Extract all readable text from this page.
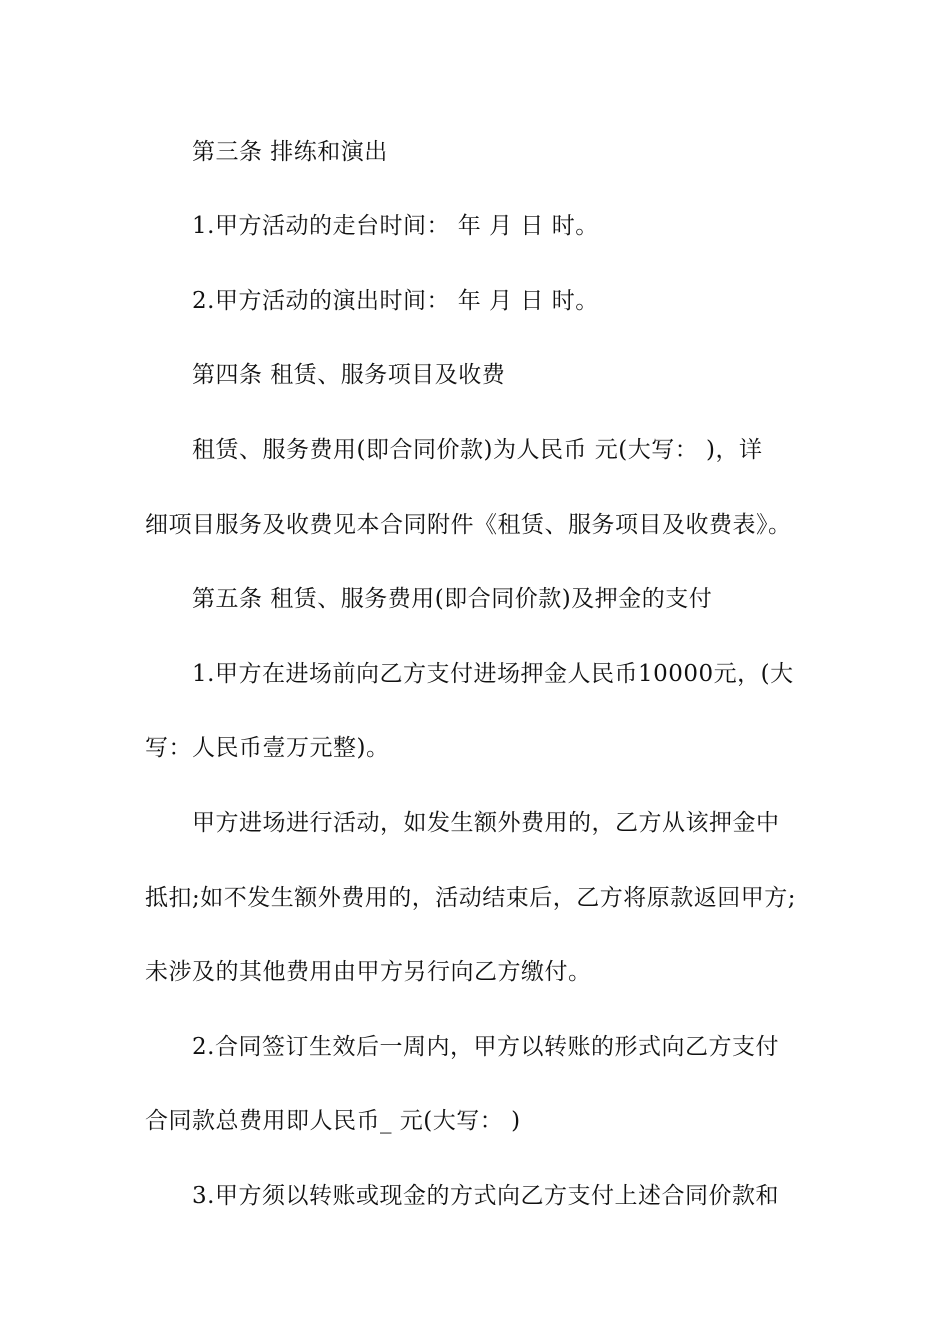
第三条 排练和演出
1.甲方活动的走台时间： 年 月 日 时。
2.甲方活动的演出时间： 年 月 日 时。
第四条 租赁、服务项目及收费
租赁、服务费用(即合同价款)为人民币 元(大写： )，详
细项目服务及收费见本合同附件《租赁、服务项目及收费表》。
第五条 租赁、服务费用(即合同价款)及押金的支付
1.甲方在进场前向乙方支付进场押金人民币10000元，(大
写：人民币壹万元整)。
甲方进场进行活动，如发生额外费用的，乙方从该押金中
抵扣;如不发生额外费用的，活动结束后，乙方将原款返回甲方;
未涉及的其他费用由甲方另行向乙方缴付。
2.合同签订生效后一周内，甲方以转账的形式向乙方支付
合同款总费用即人民币_ 元(大写： )
3.甲方须以转账或现金的方式向乙方支付上述合同价款和
